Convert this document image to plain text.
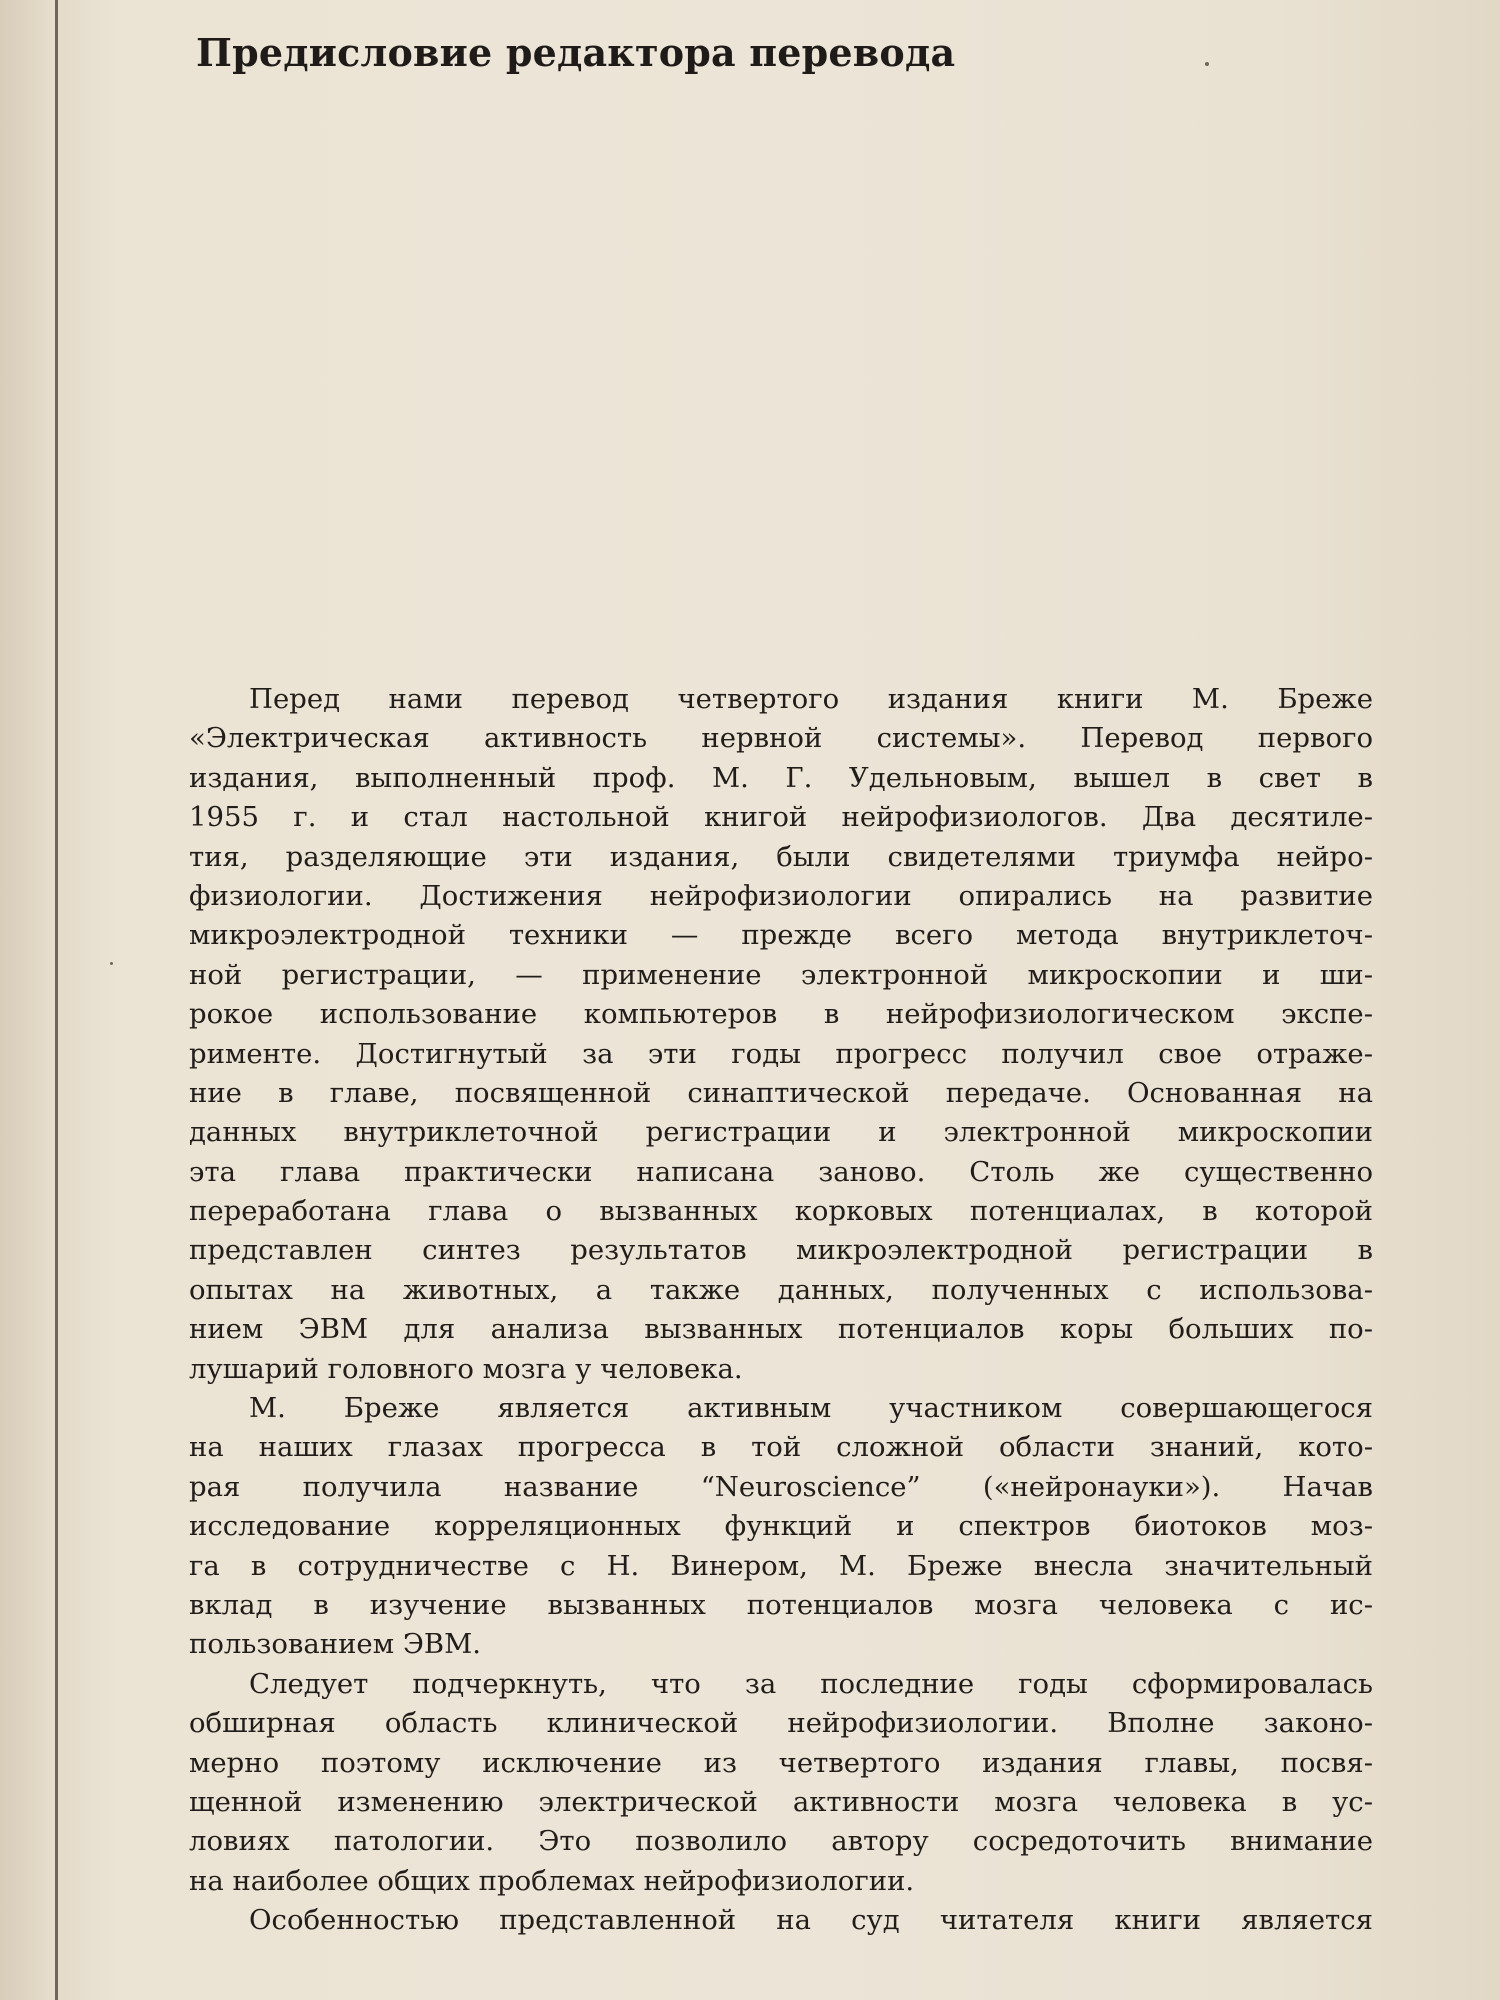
Предисловие редактора перевода

Перед нами перевод четвертого издания книги М. Бреже
«Электрическая активность нервной системы». Перевод первого
издания, выполненный проф. М. Г. Удельновым, вышел в свет в
1955 г. и стал настольной книгой нейрофизиологов. Два десятиле-
тия, разделяющие эти издания, были свидетелями триумфа нейро-
физиологии. Достижения нейрофизиологии опирались на развитие
микроэлектродной техники — прежде всего метода внутриклеточ-
ной регистрации, — применение электронной микроскопии и ши-
рокое использование компьютеров в нейрофизиологическом экспе-
рименте. Достигнутый за эти годы прогресс получил свое отраже-
ние в главе, посвященной синаптической передаче. Основанная на
данных внутриклеточной регистрации и электронной микроскопии
эта глава практически написана заново. Столь же существенно
переработана глава о вызванных корковых потенциалах, в которой
представлен синтез результатов микроэлектродной регистрации в
опытах на животных, а также данных, полученных с использова-
нием ЭВМ для анализа вызванных потенциалов коры больших по-
лушарий головного мозга у человека.

М. Бреже является активным участником совершающегося
на наших глазах прогресса в той сложной области знаний, кото-
рая получила название “Neuroscience” («нейронауки»). Начав
исследование корреляционных функций и спектров биотоков моз-
га в сотрудничестве с Н. Винером, М. Бреже внесла значительный
вклад в изучение вызванных потенциалов мозга человека с ис-
пользованием ЭВМ.

Следует подчеркнуть, что за последние годы сформировалась
обширная область клинической нейрофизиологии. Вполне законо-
мерно поэтому исключение из четвертого издания главы, посвя-
щенной изменению электрической активности мозга человека в ус-
ловиях патологии. Это позволило автору сосредоточить внимание
на наиболее общих проблемах нейрофизиологии.

Особенностью представленной на суд читателя книги является
